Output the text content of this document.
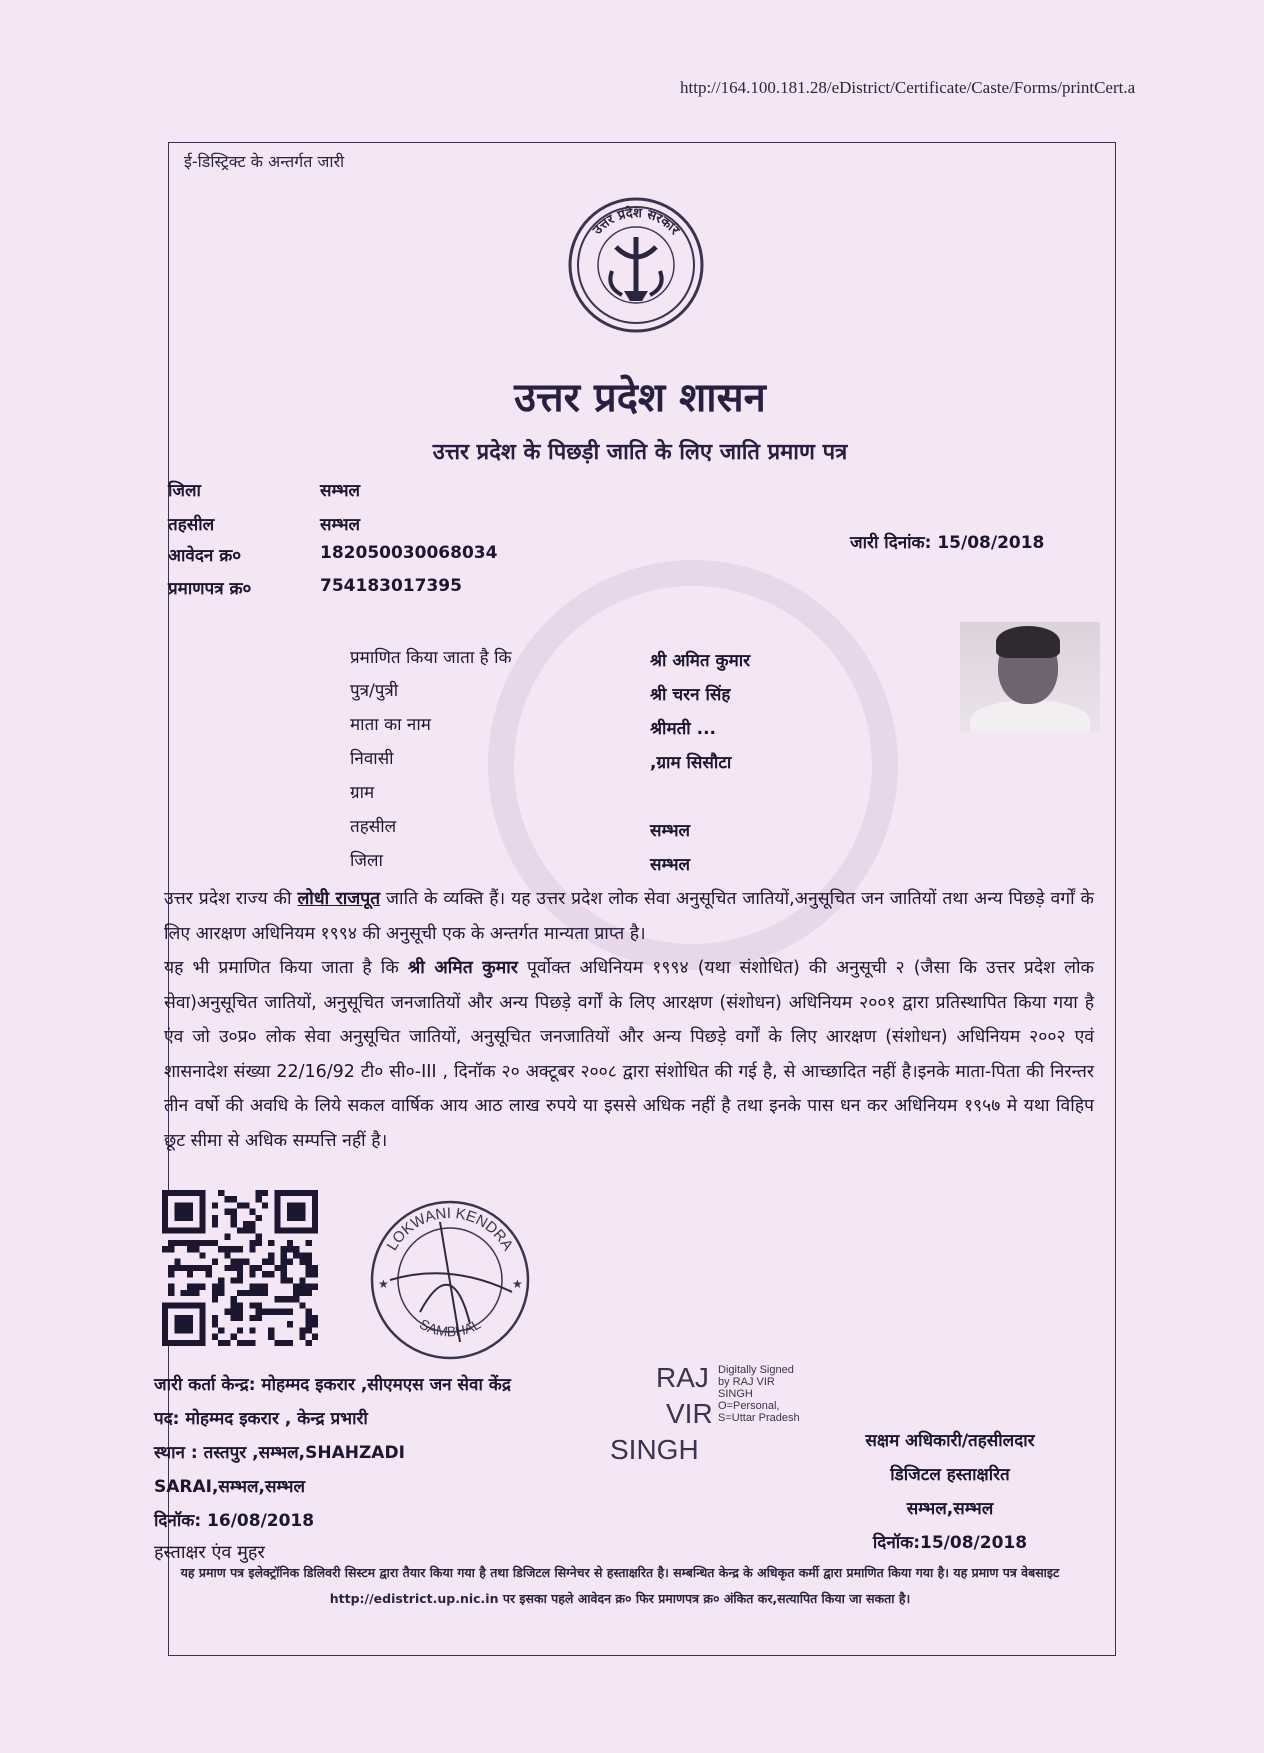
http://164.100.181.28/eDistrict/Certificate/Caste/Forms/printCert.a
ई-डिस्ट्रिक्ट के अन्तर्गत जारी
उत्तर प्रदेश सरकार
उत्तर प्रदेश शासन
उत्तर प्रदेश के पिछड़ी जाति के लिए जाति प्रमाण पत्र
जिला	सम्भल
तहसील	सम्भल
आवेदन क्र०	182050030068034
प्रमाणपत्र क्र०	754183017395
जारी दिनांक: 15/08/2018
प्रमाणित किया जाता है कि	श्री अमित कुमार
पुत्र/पुत्री	श्री चरन सिंह
माता का नाम	श्रीमती ...
निवासी	,ग्राम सिसौटा
ग्राम
तहसील	सम्भल
जिला	सम्भल
उत्तर प्रदेश राज्य की लोधी राजपूत जाति के व्यक्ति हैं। यह उत्तर प्रदेश लोक सेवा अनुसूचित जातियों,अनुसूचित जन जातियों तथा अन्य पिछड़े वर्गों के लिए आरक्षण अधिनियम १९९४ की अनुसूची एक के अन्तर्गत मान्यता प्राप्त है।
यह भी प्रमाणित किया जाता है कि श्री अमित कुमार पूर्वोक्त अधिनियम १९९४ (यथा संशोधित) की अनुसूची २ (जैसा कि उत्तर प्रदेश लोक सेवा)अनुसूचित जातियों, अनुसूचित जनजातियों और अन्य पिछड़े वर्गों के लिए आरक्षण (संशोधन) अधिनियम २००१ द्वारा प्रतिस्थापित किया गया है एंव जो उ०प्र० लोक सेवा अनुसूचित जातियों, अनुसूचित जनजातियों और अन्य पिछड़े वर्गों के लिए आरक्षण (संशोधन) अधिनियम २००२ एवं शासनादेश संख्या 22/16/92 टी० सी०-III , दिनॉक २० अक्टूबर २००८ द्वारा संशोधित की गई है, से आच्छादित नहीं है।इनके माता-पिता की निरन्तर तीन वर्षो की अवधि के लिये सकल वार्षिक आय आठ लाख रुपये या इससे अधिक नहीं है तथा इनके पास धन कर अधिनियम १९५७ मे यथा विहिप छूट सीमा से अधिक सम्पत्ति नहीं है।
LOKWANI KENDRA
SAMBHAL
★	★
जारी कर्ता केन्द्र: मोहम्मद इकरार ,सीएमएस जन सेवा केंद्र
पद: मोहम्मद इकरार , केन्द्र प्रभारी
स्थान : तस्तपुर ,सम्भल,SHAHZADI
SARAI,सम्भल,सम्भल
दिनॉक: 16/08/2018
हस्ताक्षर एंव मुहर
RAJ
VIR
SINGH
Digitally Signed
by RAJ VIR
SINGH
O=Personal,
S=Uttar Pradesh
सक्षम अधिकारी/तहसीलदार
डिजिटल हस्ताक्षरित
सम्भल,सम्भल
दिनॉक:15/08/2018
यह प्रमाण पत्र इलेक्ट्रॉनिक डिलिवरी सिस्टम द्वारा तैयार किया गया है तथा डिजिटल सिग्नेचर से हस्ताक्षरित है। सम्बन्धित केन्द्र के अधिकृत कर्मी द्वारा प्रमाणित किया गया है। यह प्रमाण पत्र वेबसाइट http://edistrict.up.nic.in पर इसका पहले आवेदन क्र० फिर प्रमाणपत्र क्र० अंकित कर,सत्यापित किया जा सकता है।
